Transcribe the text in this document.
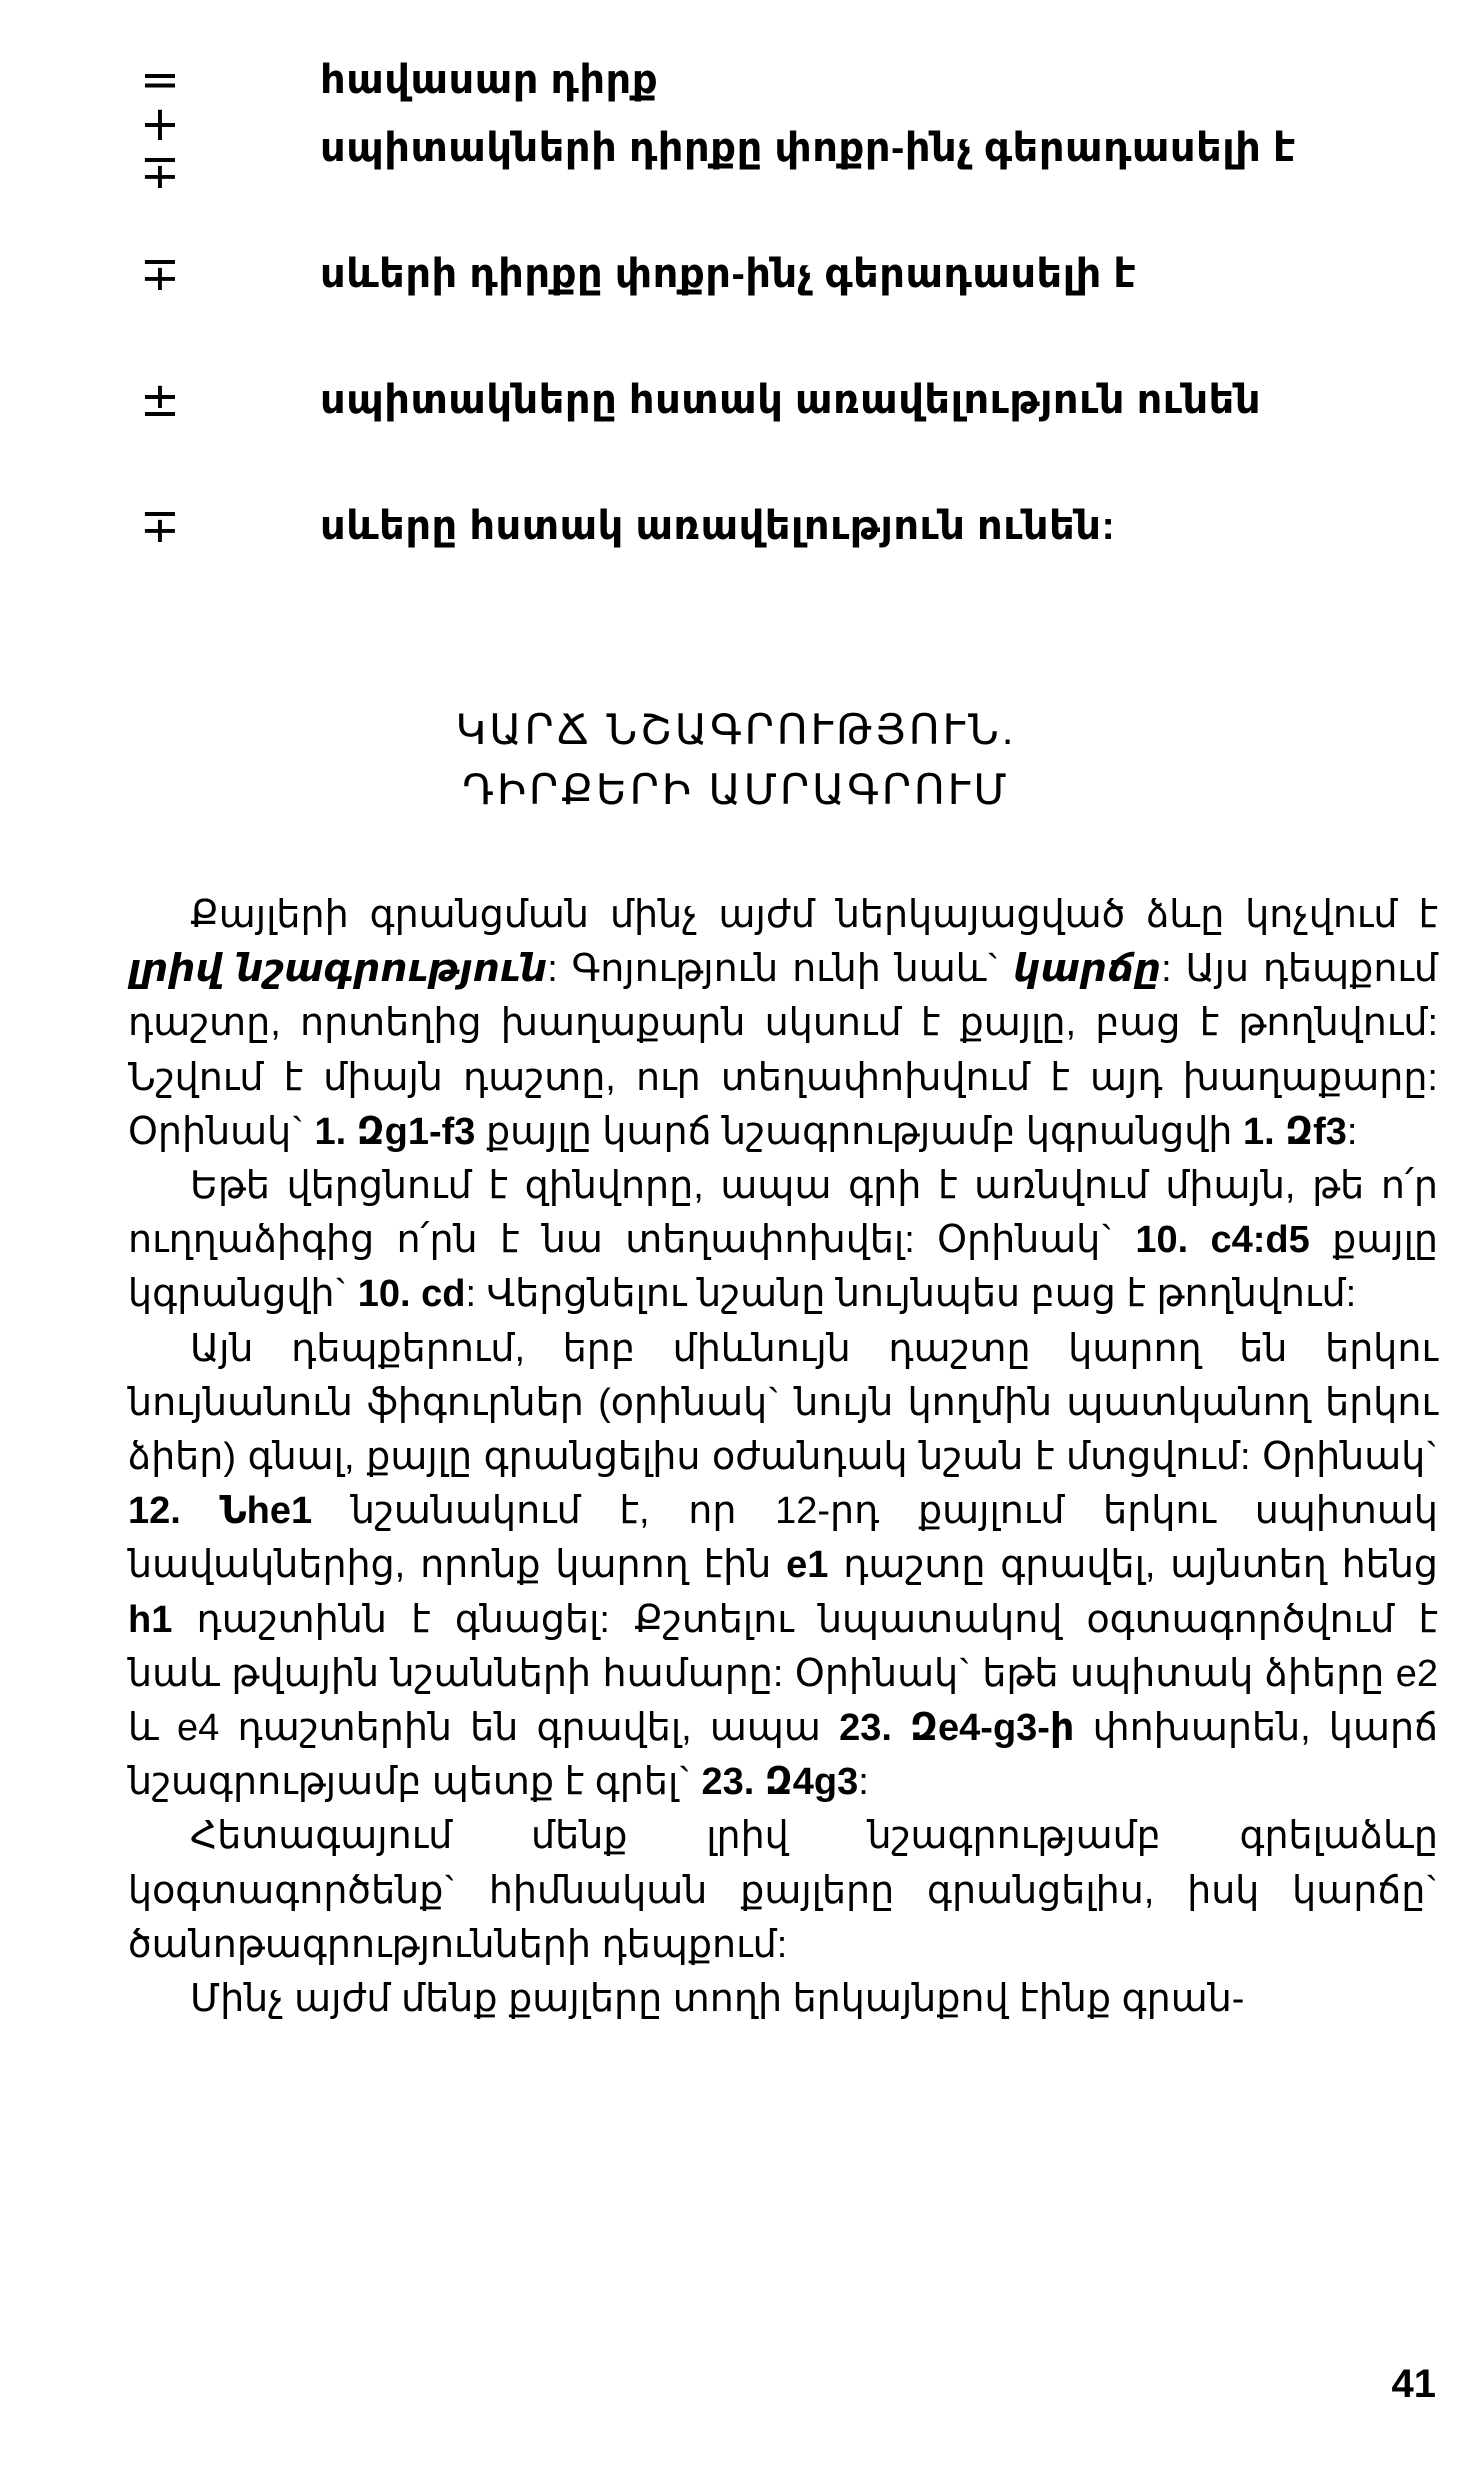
=	հավասար դիրք
+∓	սպիտակների դիրքը փոքր-ինչ գերադասելի է
∓	սևերի դիրքը փոքր-ինչ գերադասելի է
±	սպիտակները հստակ առավելություն ունեն
∓	սևերը հստակ առավելություն ունեն:
ԿԱՐՃ ՆՇԱԳՐՈՒԹՅՈՒՆ.
ԴԻՐՔԵՐԻ ԱՄՐԱԳՐՈՒՄ

Քայլերի գրանցման մինչ այժմ ներկայացված ձևը կոչվում է լրիվ նշագրություն: Գոյություն ունի նաև` կարճը: Այս դեպքում դաշտը, որտեղից խաղաքարն սկսում է քայլը, բաց է թողնվում: Նշվում է միայն դաշտը, ուր տեղափոխվում է այդ խաղաքարը: Օրինակ` 1. Զg1-f3 քայլը կարճ նշագրությամբ կգրանցվի 1. Զf3:

Եթե վերցնում է զինվորը, ապա գրի է առնվում միայն, թե ո՛ր ուղղաձիգից ո՛րն է նա տեղափոխվել: Օրինակ` 10. c4:d5 քայլը կգրանցվի` 10. cd: Վերցնելու նշանը նույնպես բաց է թողնվում:

Այն դեպքերում, երբ միևնույն դաշտը կարող են երկու նույնանուն ֆիգուրներ (օրինակ` նույն կողմին պատկանող երկու ձիեր) գնալ, քայլը գրանցելիս օժանդակ նշան է մտցվում: Օրինակ` 12. Նhe1 նշանակում է, որ 12-րդ քայլում երկու սպիտակ նավակներից, որոնք կարող էին e1 դաշտը գրավել, այնտեղ հենց h1 դաշտինն է գնացել: Քշտելու նպատակով օգտագործվում է նաև թվային նշանների համարը: Օրինակ` եթե սպիտակ ձիերը e2 և e4 դաշտերին են գրավել, ապա 23. Զe4-g3-ի փոխարեն, կարճ նշագրությամբ պետք է գրել` 23. Զ4g3:

Հետագայում մենք լրիվ նշագրությամբ գրելաձևը կօգտագործենք` հիմնական քայլերը գրանցելիս, իսկ կարճը` ծանոթագրությունների դեպքում:

Մինչ այժմ մենք քայլերը տողի երկայնքով էինք գրան-

41
